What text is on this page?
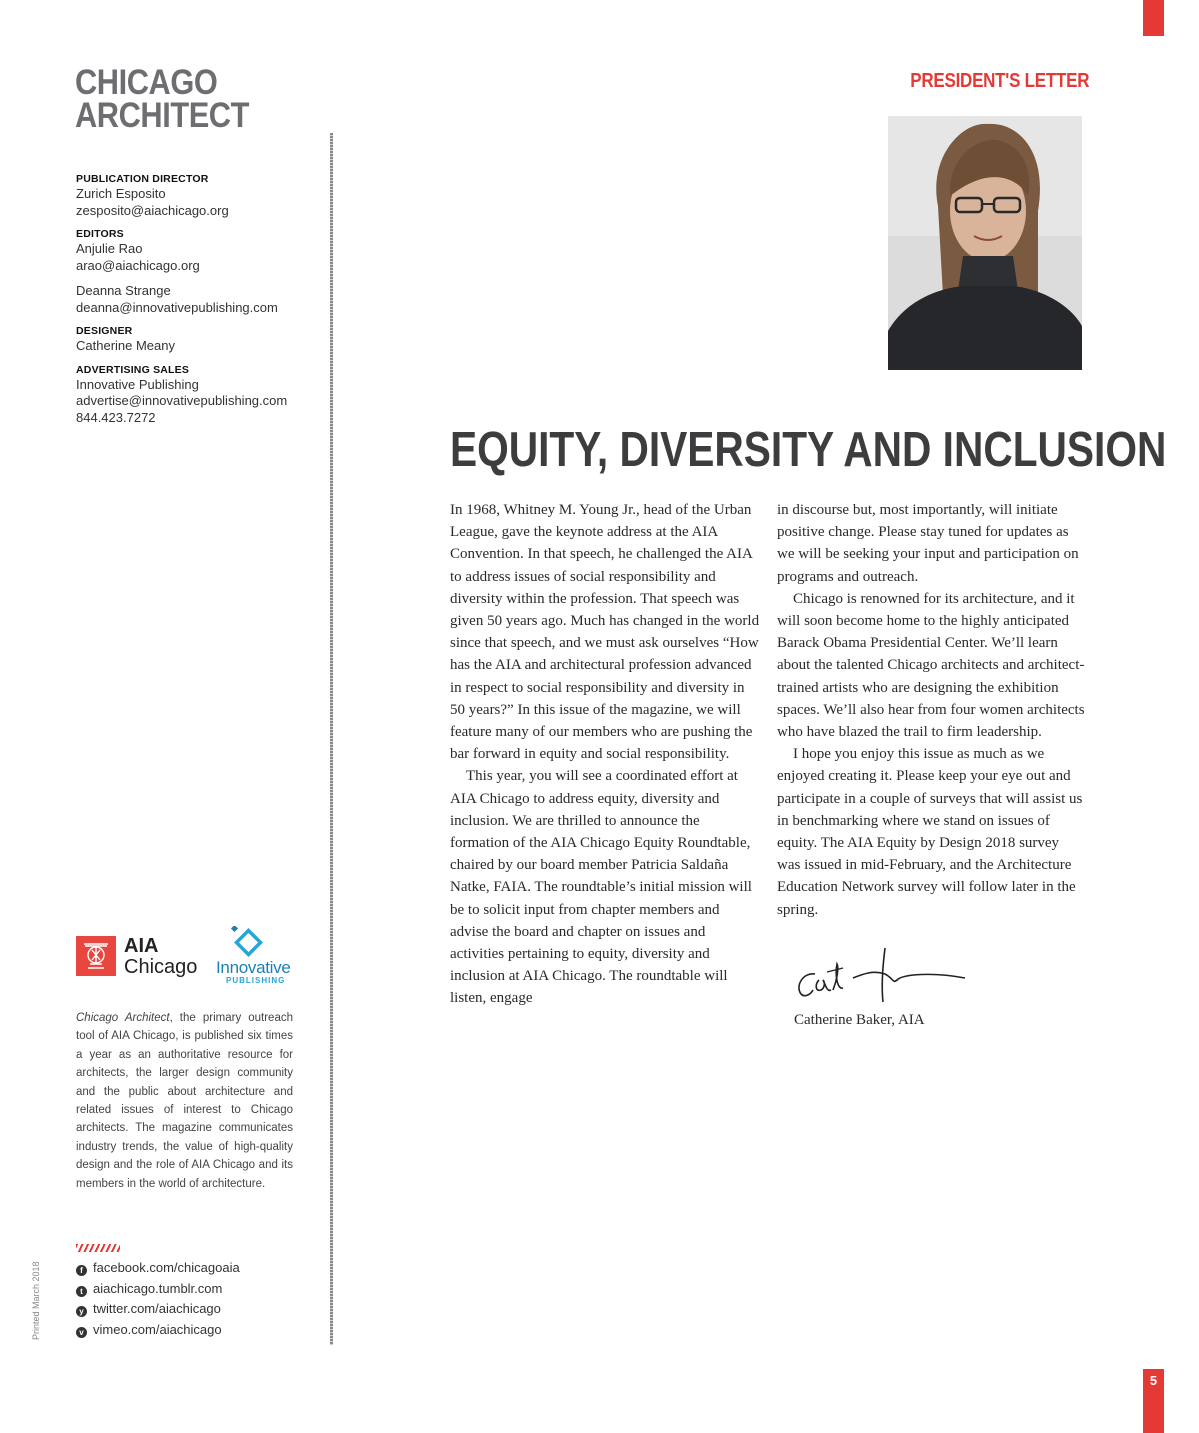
CHICAGO
ARCHITECT
PUBLICATION DIRECTOR
Zurich Esposito
zesposito@aiachicago.org
EDITORS
Anjulie Rao
arao@aiachicago.org
Deanna Strange
deanna@innovativepublishing.com
DESIGNER
Catherine Meany
ADVERTISING SALES
Innovative Publishing
advertise@innovativepublishing.com
844.423.7272
AIA
Chicago Innovative
PUBLISHING
Chicago Architect, the primary outreach tool of AIA Chicago, is published six times a year as an authoritative resource for architects, the larger design community and the public about architecture and related issues of interest to Chicago architects. The magazine communicates industry trends, the value of high-quality design and the role of AIA Chicago and its members in the world of architecture.
f facebook.com/chicagoaia
t aiachicago.tumblr.com
y twitter.com/aiachicago
v vimeo.com/aiachicago
Printed March 2018
PRESIDENT'S LETTER
EQUITY, DIVERSITY AND INCLUSION

In 1968, Whitney M. Young Jr., head of the Urban League, gave the keynote address at the AIA Convention. In that speech, he challenged the AIA to address issues of social responsibility and diversity within the profession. That speech was given 50 years ago. Much has changed in the world since that speech, and we must ask ourselves “How has the AIA and architectural profession advanced in respect to social responsibility and diversity in 50 years?” In this issue of the magazine, we will feature many of our members who are pushing the bar forward in equity and social responsibility.

This year, you will see a coordinated effort at AIA Chicago to address equity, diversity and inclusion. We are thrilled to announce the formation of the AIA Chicago Equity Roundtable, chaired by our board member Patricia Saldaña Natke, FAIA. The roundtable’s initial mission will be to solicit input from chapter members and advise the board and chapter on issues and activities pertaining to equity, diversity and inclusion at AIA Chicago. The roundtable will listen, engage

in discourse but, most importantly, will initiate positive change. Please stay tuned for updates as we will be seeking your input and participation on programs and outreach.

Chicago is renowned for its architecture, and it will soon become home to the highly anticipated Barack Obama Presidential Center. We’ll learn about the talented Chicago architects and architect-trained artists who are designing the exhibition spaces. We’ll also hear from four women architects who have blazed the trail to firm leadership.

I hope you enjoy this issue as much as we enjoyed creating it. Please keep your eye out and participate in a couple of surveys that will assist us in benchmarking where we stand on issues of equity. The AIA Equity by Design 2018 survey was issued in mid-February, and the Architecture Education Network survey will follow later in the spring.

Catherine Baker, AIA
5
